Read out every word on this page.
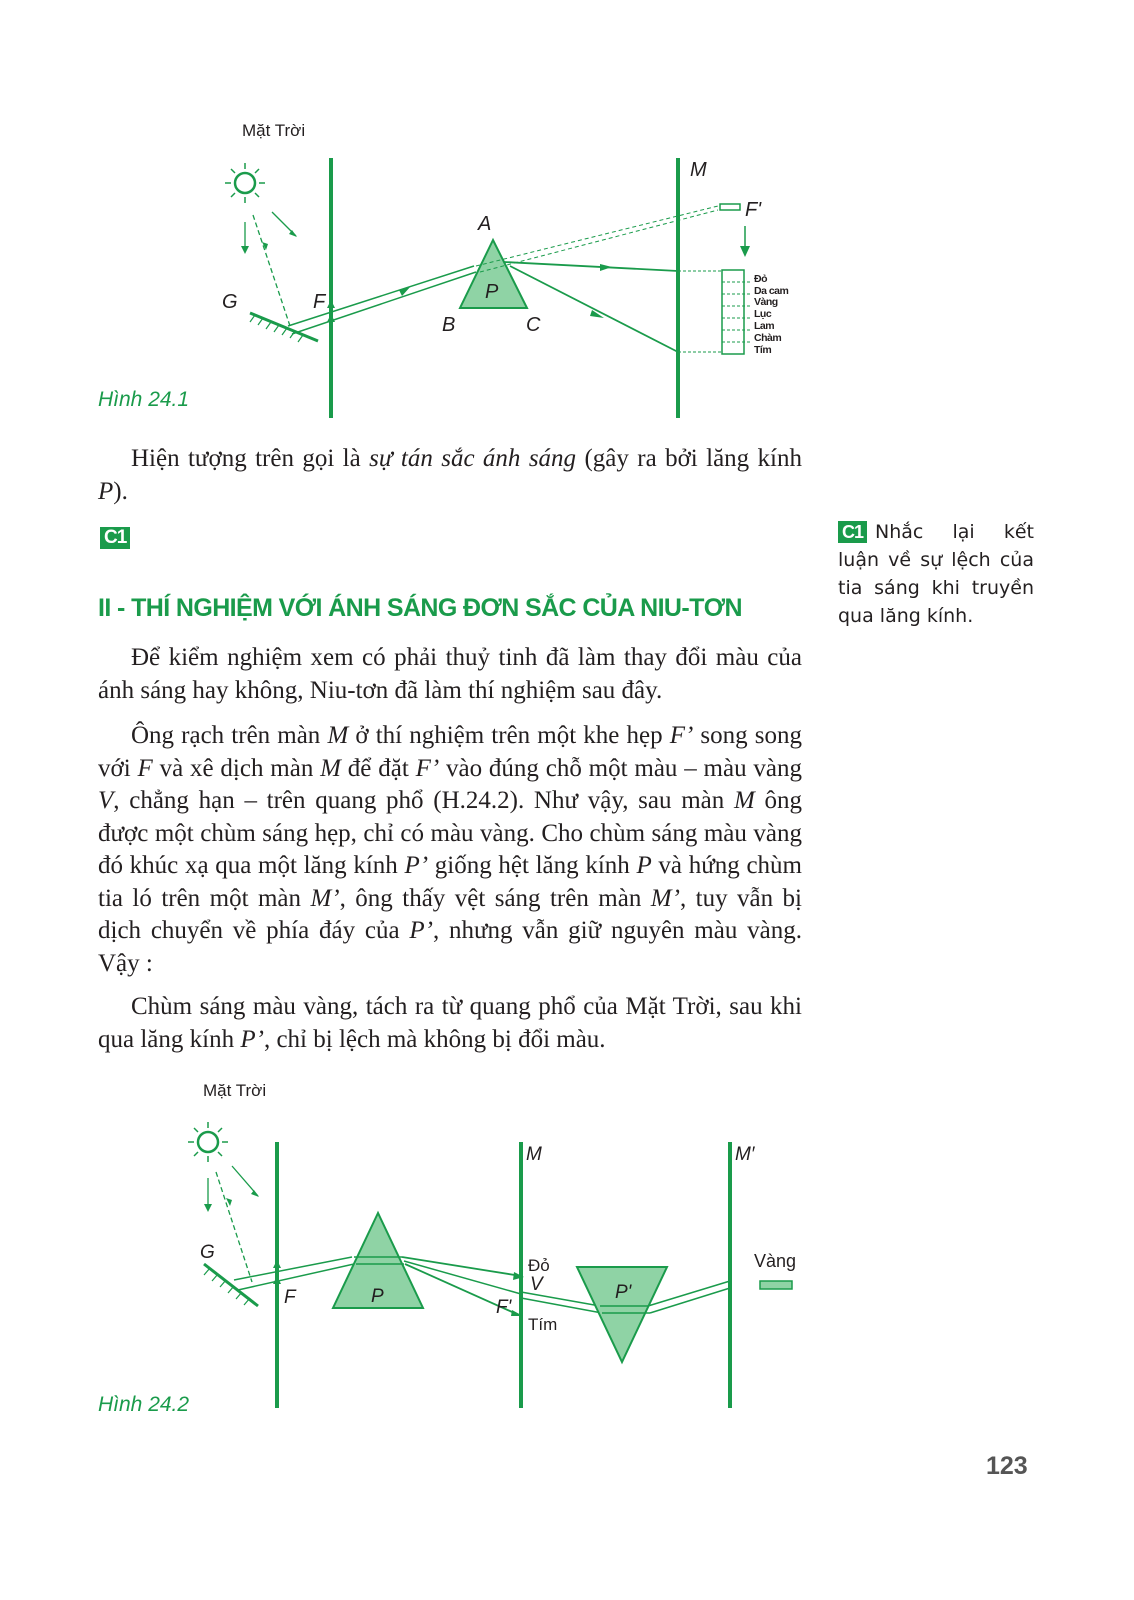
Mặt Trời
M
F'
A
G	F	P
B	C
Đỏ
Da cam
Vàng
Lục
Lam
Chàm
Tím
Hình 24.1

Hiện tượng trên gọi là sự tán sắc ánh sáng (gây ra bởi lăng kính P).

C1	C1 Nhắc lại kết luận về sự lệch của tia sáng khi truyền qua lăng kính.
II - THÍ NGHIỆM VỚI ÁNH SÁNG ĐƠN SẮC CỦA NIU-TƠN

Để kiểm nghiệm xem có phải thuỷ tinh đã làm thay đổi màu của ánh sáng hay không, Niu-tơn đã làm thí nghiệm sau đây.

Ông rạch trên màn M ở thí nghiệm trên một khe hẹp F’ song song với F và xê dịch màn M để đặt F’ vào đúng chỗ một màu – màu vàng V, chẳng hạn – trên quang phổ (H.24.2). Như vậy, sau màn M ông được một chùm sáng hẹp, chỉ có màu vàng. Cho chùm sáng màu vàng đó khúc xạ qua một lăng kính P’ giống hệt lăng kính P và hứng chùm tia ló trên một màn M’, ông thấy vệt sáng trên màn M’, tuy vẫn bị dịch chuyển về phía đáy của P’, nhưng vẫn giữ nguyên màu vàng. Vậy :

Chùm sáng màu vàng, tách ra từ quang phổ của Mặt Trời, sau khi qua lăng kính P’, chỉ bị lệch mà không bị đổi màu.

Mặt Trời
M	M′
G
F	P
Đỏ
V
F'
Tím
P'
Vàng
Hình 24.2
123
